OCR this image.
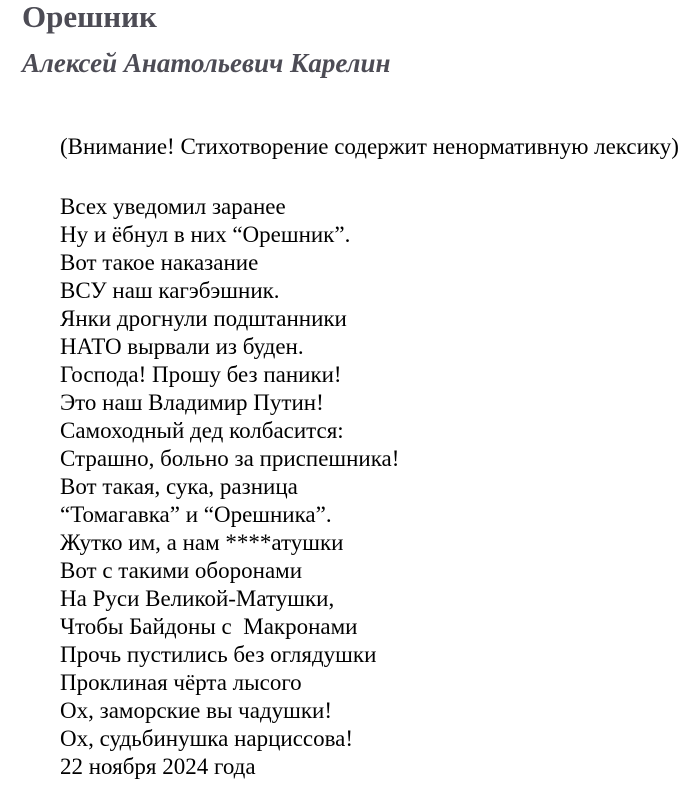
Орешник
Алексей Анатольевич Карелин
(Внимание! Стихотворение содержит ненормативную лексику)
Всех уведомил заранее
Ну и ёбнул в них “Орешник”.
Вот такое наказание
ВСУ наш кагэбэшник.
Янки дрогнули подштанники
НАТО вырвали из буден.
Господа! Прошу без паники!
Это наш Владимир Путин!
Самоходный дед колбасится:
Страшно, больно за приспешника!
Вот такая, сука, разница
“Томагавка” и “Орешника”.
Жутко им, а нам ****атушки
Вот с такими оборонами
На Руси Великой-Матушки,
Чтобы Байдоны с  Макронами
Прочь пустились без оглядушки
Проклиная чёрта лысого
Ох, заморские вы чадушки!
Ох, судьбинушка нарциссова!
22 ноября 2024 года
